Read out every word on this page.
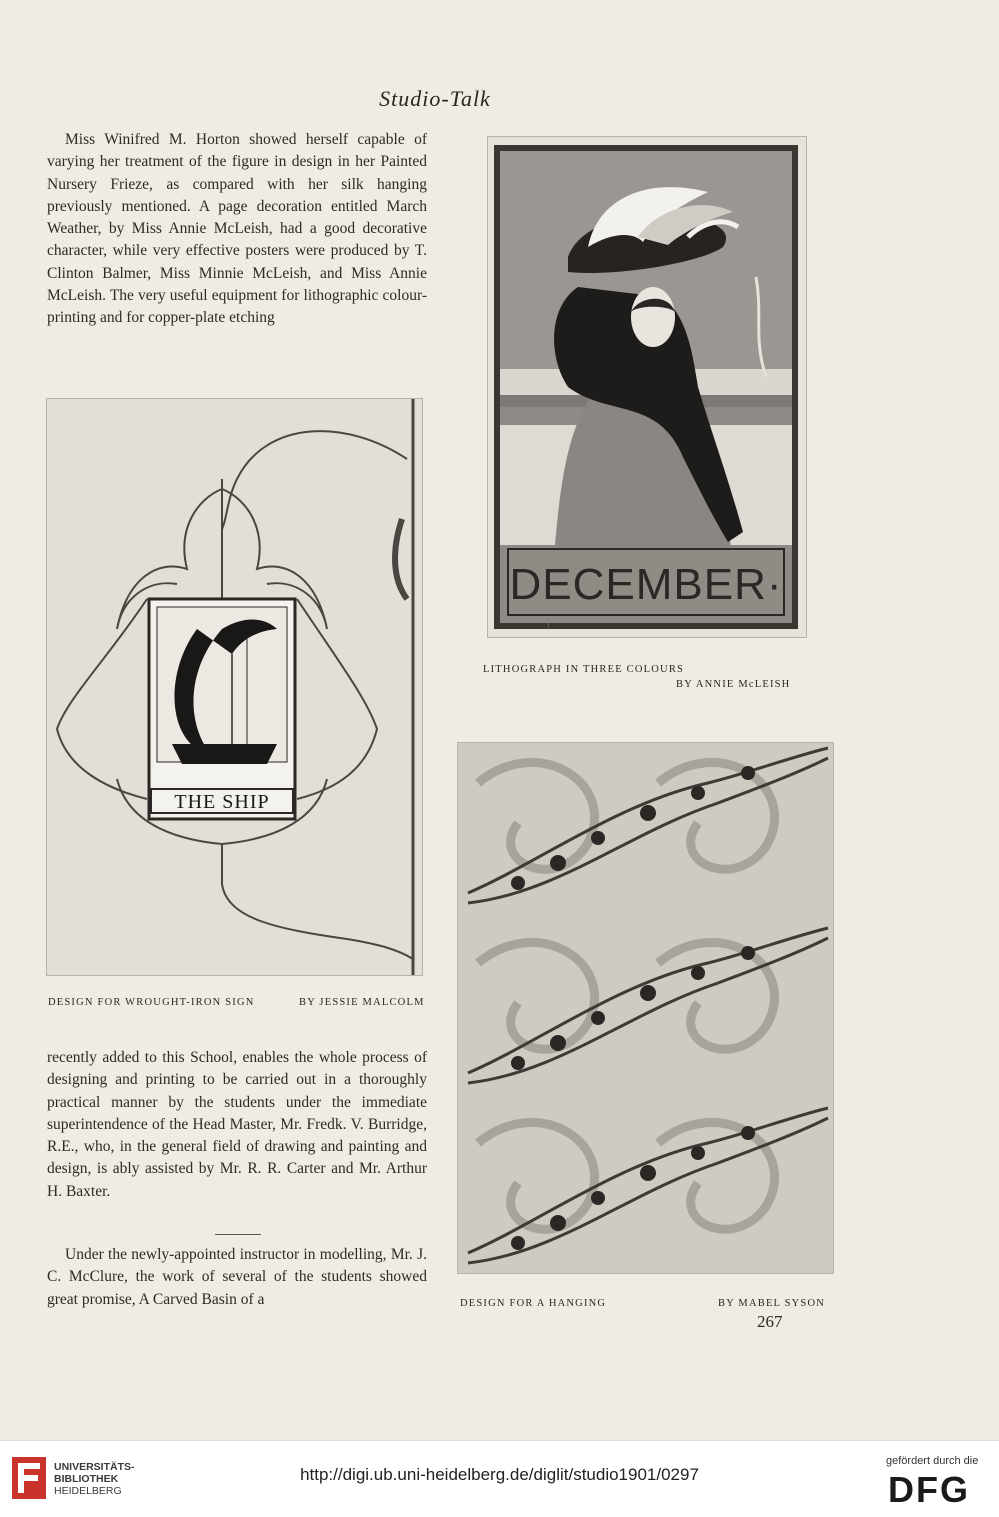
Studio-Talk

Miss Winifred M. Horton showed herself capable of varying her treatment of the figure in design in her Painted Nursery Frieze, as compared with her silk hanging previously mentioned. A page decoration entitled March Weather, by Miss Annie McLeish, had a good decorative character, while very effective posters were produced by T. Clinton Balmer, Miss Minnie McLeish, and Miss Annie McLeish. The very useful equipment for lithographic colour-printing and for copper-plate etching

DECEMBER·
LITHOGRAPH IN THREE COLOURS
BY ANNIE McLEISH
THE SHIP
DESIGN FOR WROUGHT-IRON SIGN	BY JESSIE MALCOLM

recently added to this School, enables the whole process of designing and printing to be carried out in a thoroughly practical manner by the students under the immediate superintendence of the Head Master, Mr. Fredk. V. Burridge, R.E., who, in the general field of drawing and painting and design, is ably assisted by Mr. R. R. Carter and Mr. Arthur H. Baxter.

Under the newly-appointed instructor in modelling, Mr. J. C. McClure, the work of several of the students showed great promise, A Carved Basin of a	DESIGN FOR A HANGING	BY MABEL SYSON
267
UNIVERSITÄTS-
BIBLIOTHEK
HEIDELBERG
http://digi.ub.uni-heidelberg.de/diglit/studio1901/0297
gefördert durch die
DFG
